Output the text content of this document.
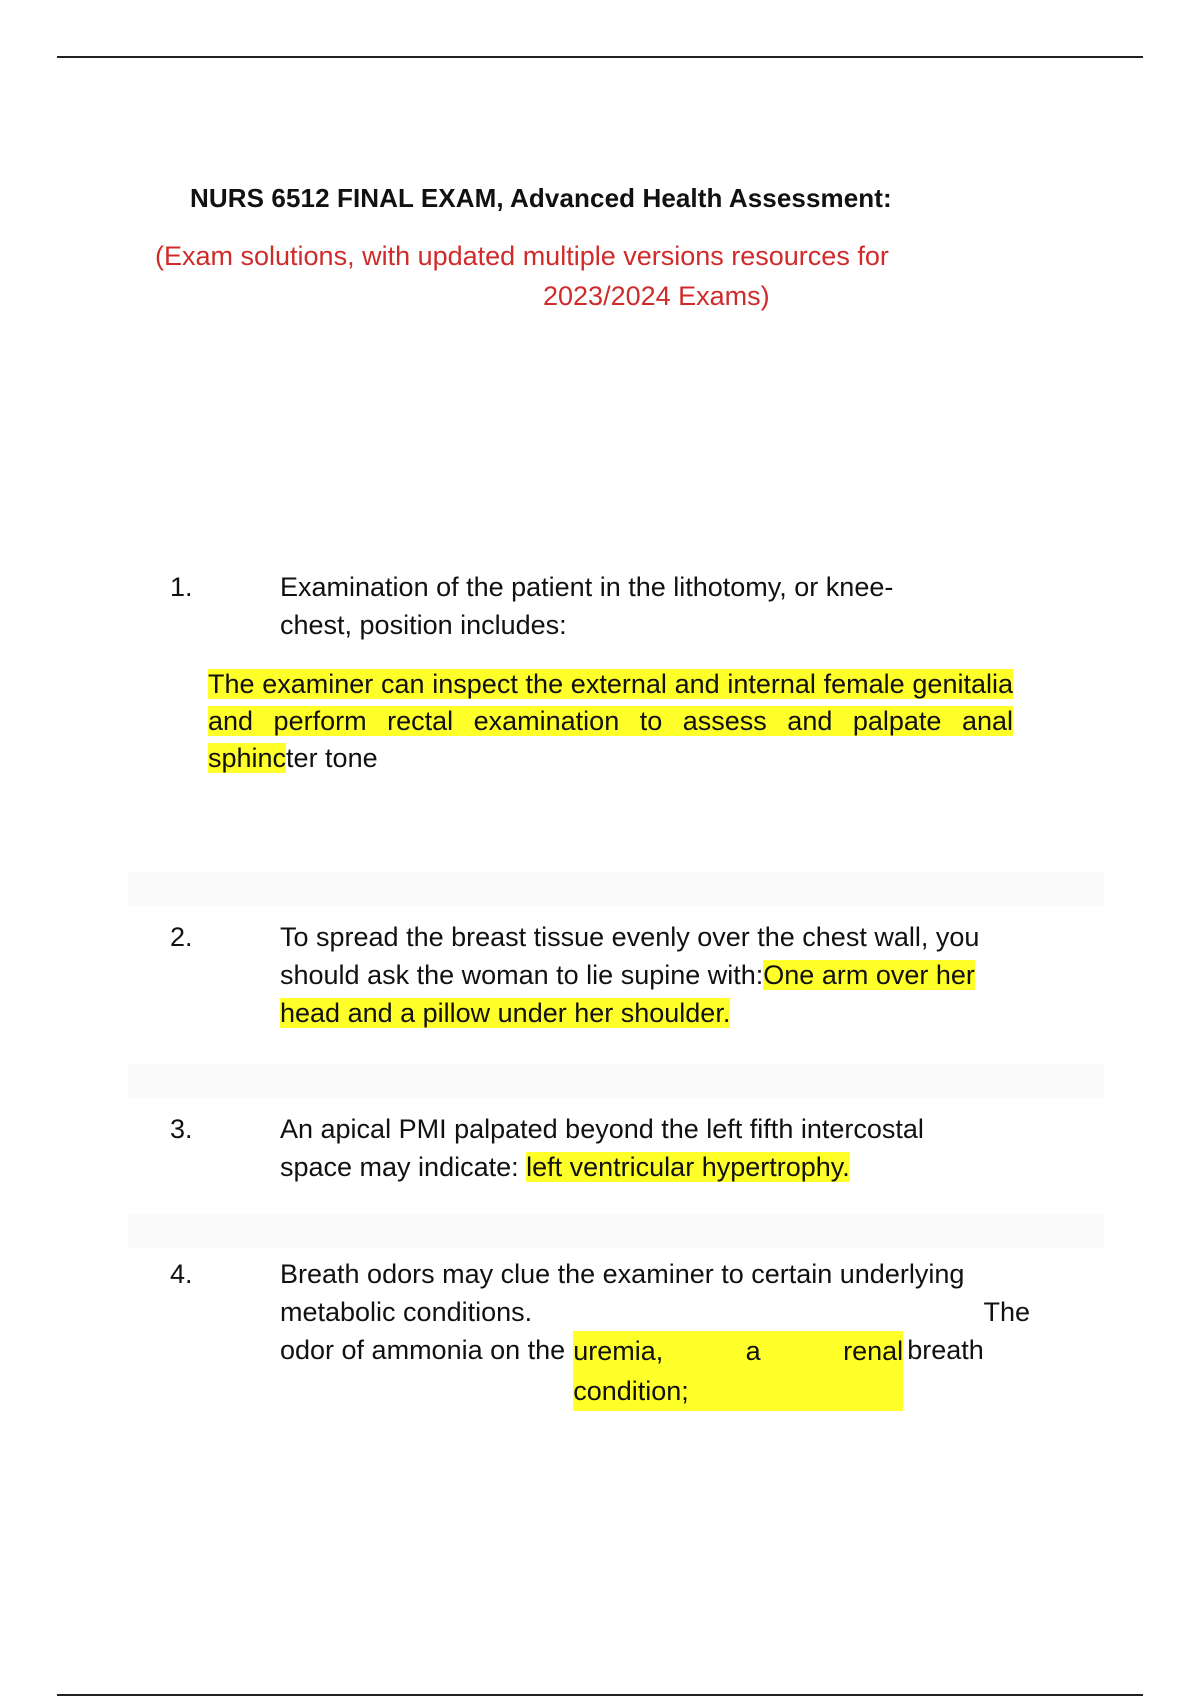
NURS 6512 FINAL EXAM, Advanced Health Assessment:
(Exam solutions, with updated multiple versions resources for
2023/2024 Exams)
1.	Examination of the patient in the lithotomy, or knee-
chest, position includes:
The examiner can inspect the external and internal female genitalia and perform rectal examination to assess and palpate anal sphincter tone
2.	To spread the breast tissue evenly over the chest wall, you
should ask the woman to lie supine with:One arm over her
head and a pillow under her shoulder.
3.	An apical PMI palpated beyond the left fifth intercostal
space may indicate: left ventricular hypertrophy.
4.	Breath odors may clue the examiner to certain underlying
metabolic conditions.	The
odor of ammonia on the uremia,	a	renal
condition;
breath
